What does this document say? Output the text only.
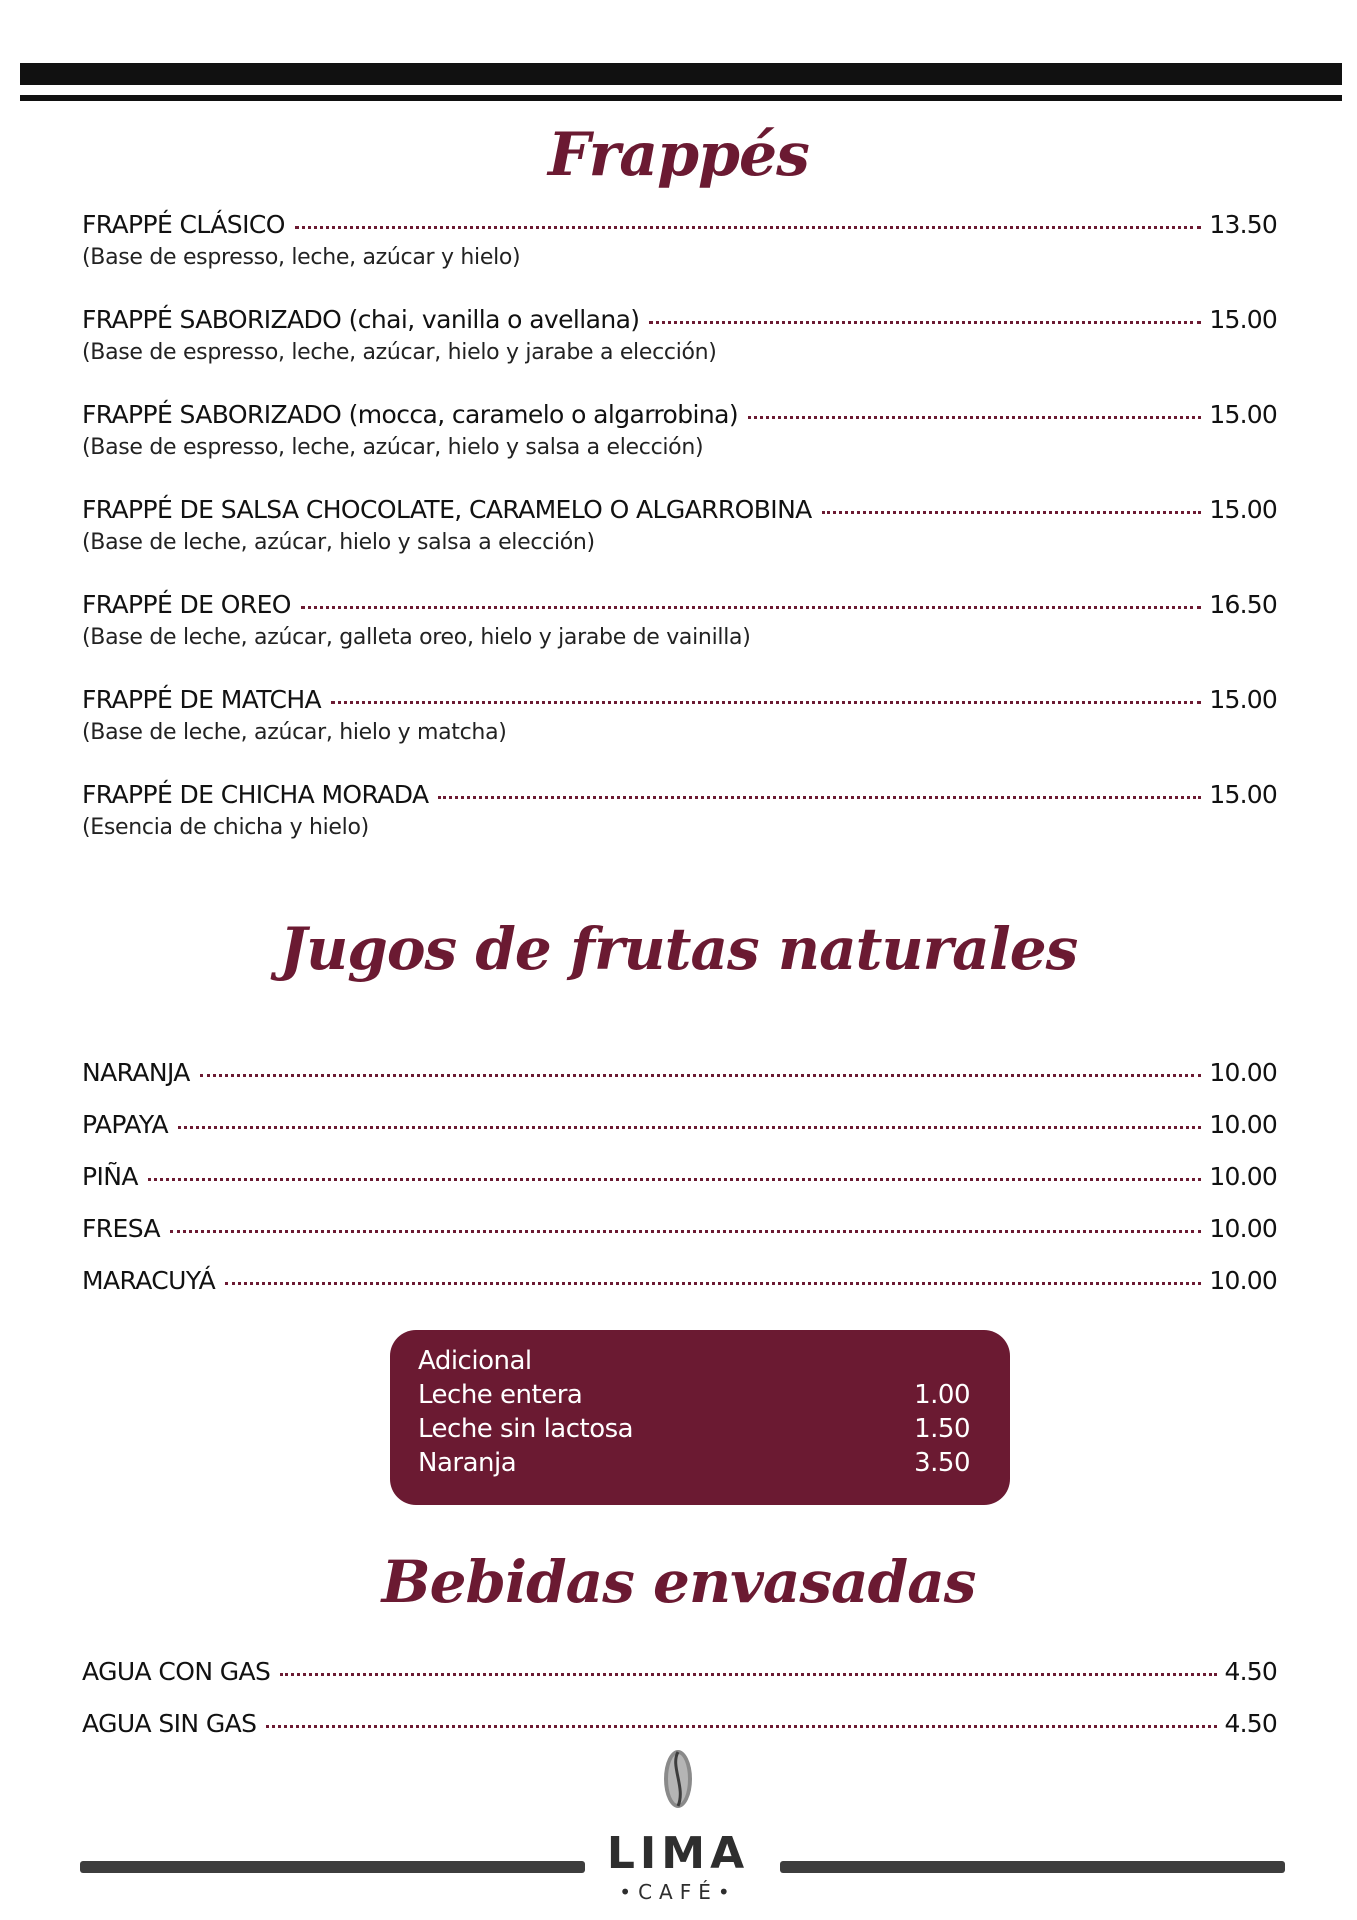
Frappés
FRAPPÉ CLÁSICO	13.50
(Base de espresso, leche, azúcar y hielo)
FRAPPÉ SABORIZADO (chai, vanilla o avellana)	15.00
(Base de espresso, leche, azúcar, hielo y jarabe a elección)
FRAPPÉ SABORIZADO (mocca, caramelo o algarrobina)	15.00
(Base de espresso, leche, azúcar, hielo y salsa a elección)
FRAPPÉ DE SALSA CHOCOLATE, CARAMELO O ALGARROBINA	15.00
(Base de leche, azúcar, hielo y salsa a elección)
FRAPPÉ DE OREO	16.50
(Base de leche, azúcar, galleta oreo, hielo y jarabe de vainilla)
FRAPPÉ DE MATCHA	15.00
(Base de leche, azúcar, hielo y matcha)
FRAPPÉ DE CHICHA MORADA	15.00
(Esencia de chicha y hielo)
Jugos de frutas naturales
NARANJA	10.00
PAPAYA	10.00
PIÑA	10.00
FRESA	10.00
MARACUYÁ	10.00
Adicional
Leche entera	1.00
Leche sin lactosa	1.50
Naranja	3.50
Bebidas envasadas
AGUA CON GAS	4.50
AGUA SIN GAS	4.50
LIMA
•CAFÉ•
